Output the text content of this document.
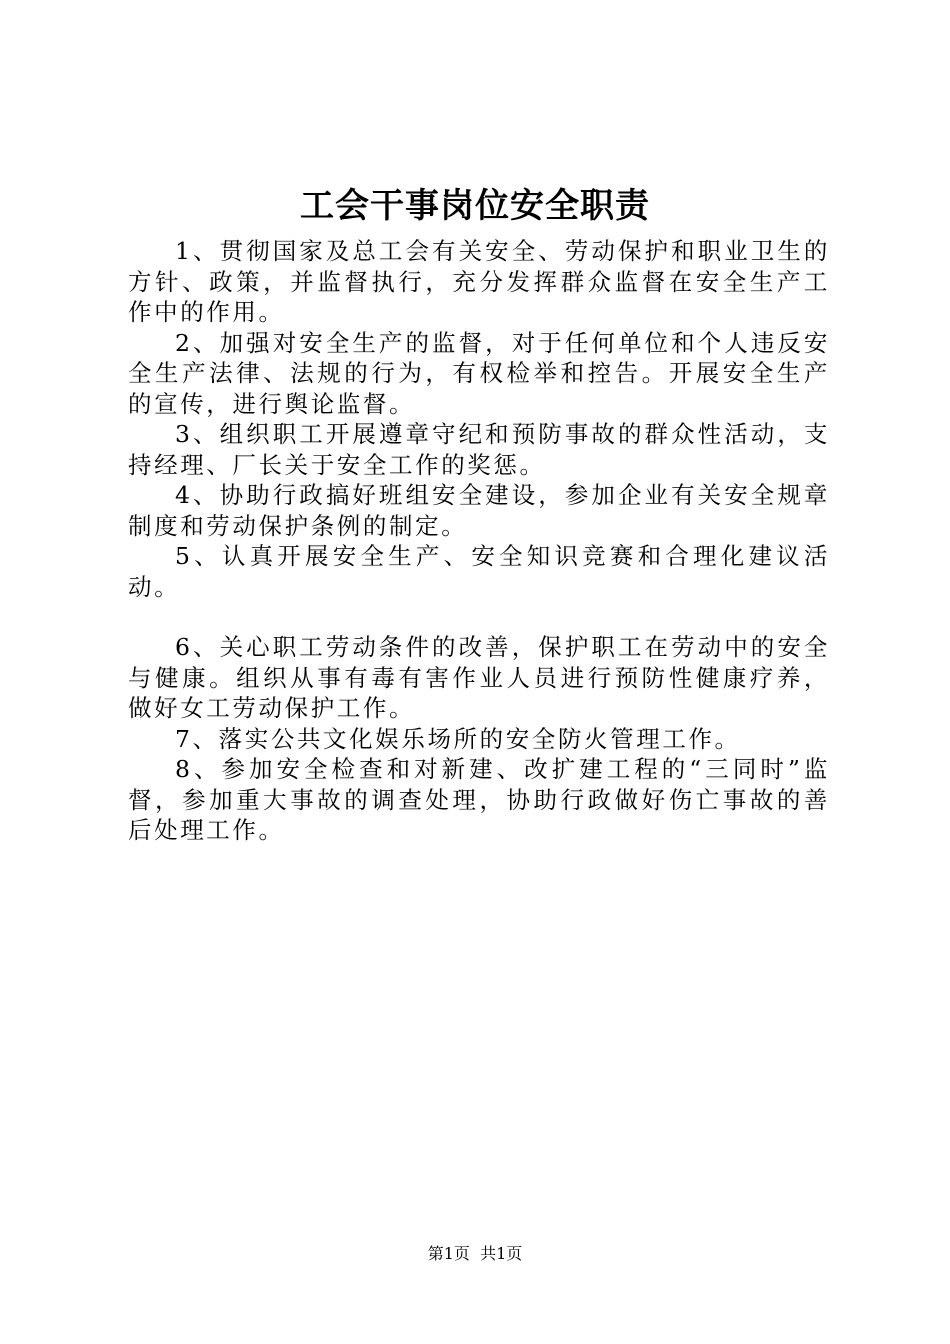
工会干事岗位安全职责

1、贯彻国家及总工会有关安全、劳动保护和职业卫生的方针、政策，并监督执行，充分发挥群众监督在安全生产工作中的作用。

2、加强对安全生产的监督，对于任何单位和个人违反安全生产法律、法规的行为，有权检举和控告。开展安全生产的宣传，进行舆论监督。

3、组织职工开展遵章守纪和预防事故的群众性活动，支持经理、厂长关于安全工作的奖惩。

4、协助行政搞好班组安全建设，参加企业有关安全规章制度和劳动保护条例的制定。

5、认真开展安全生产、安全知识竞赛和合理化建议活动。

6、关心职工劳动条件的改善，保护职工在劳动中的安全与健康。组织从事有毒有害作业人员进行预防性健康疗养，做好女工劳动保护工作。

7、落实公共文化娱乐场所的安全防火管理工作。

8、参加安全检查和对新建、改扩建工程的“三同时”监督，参加重大事故的调查处理，协助行政做好伤亡事故的善后处理工作。

第1页  共1页
